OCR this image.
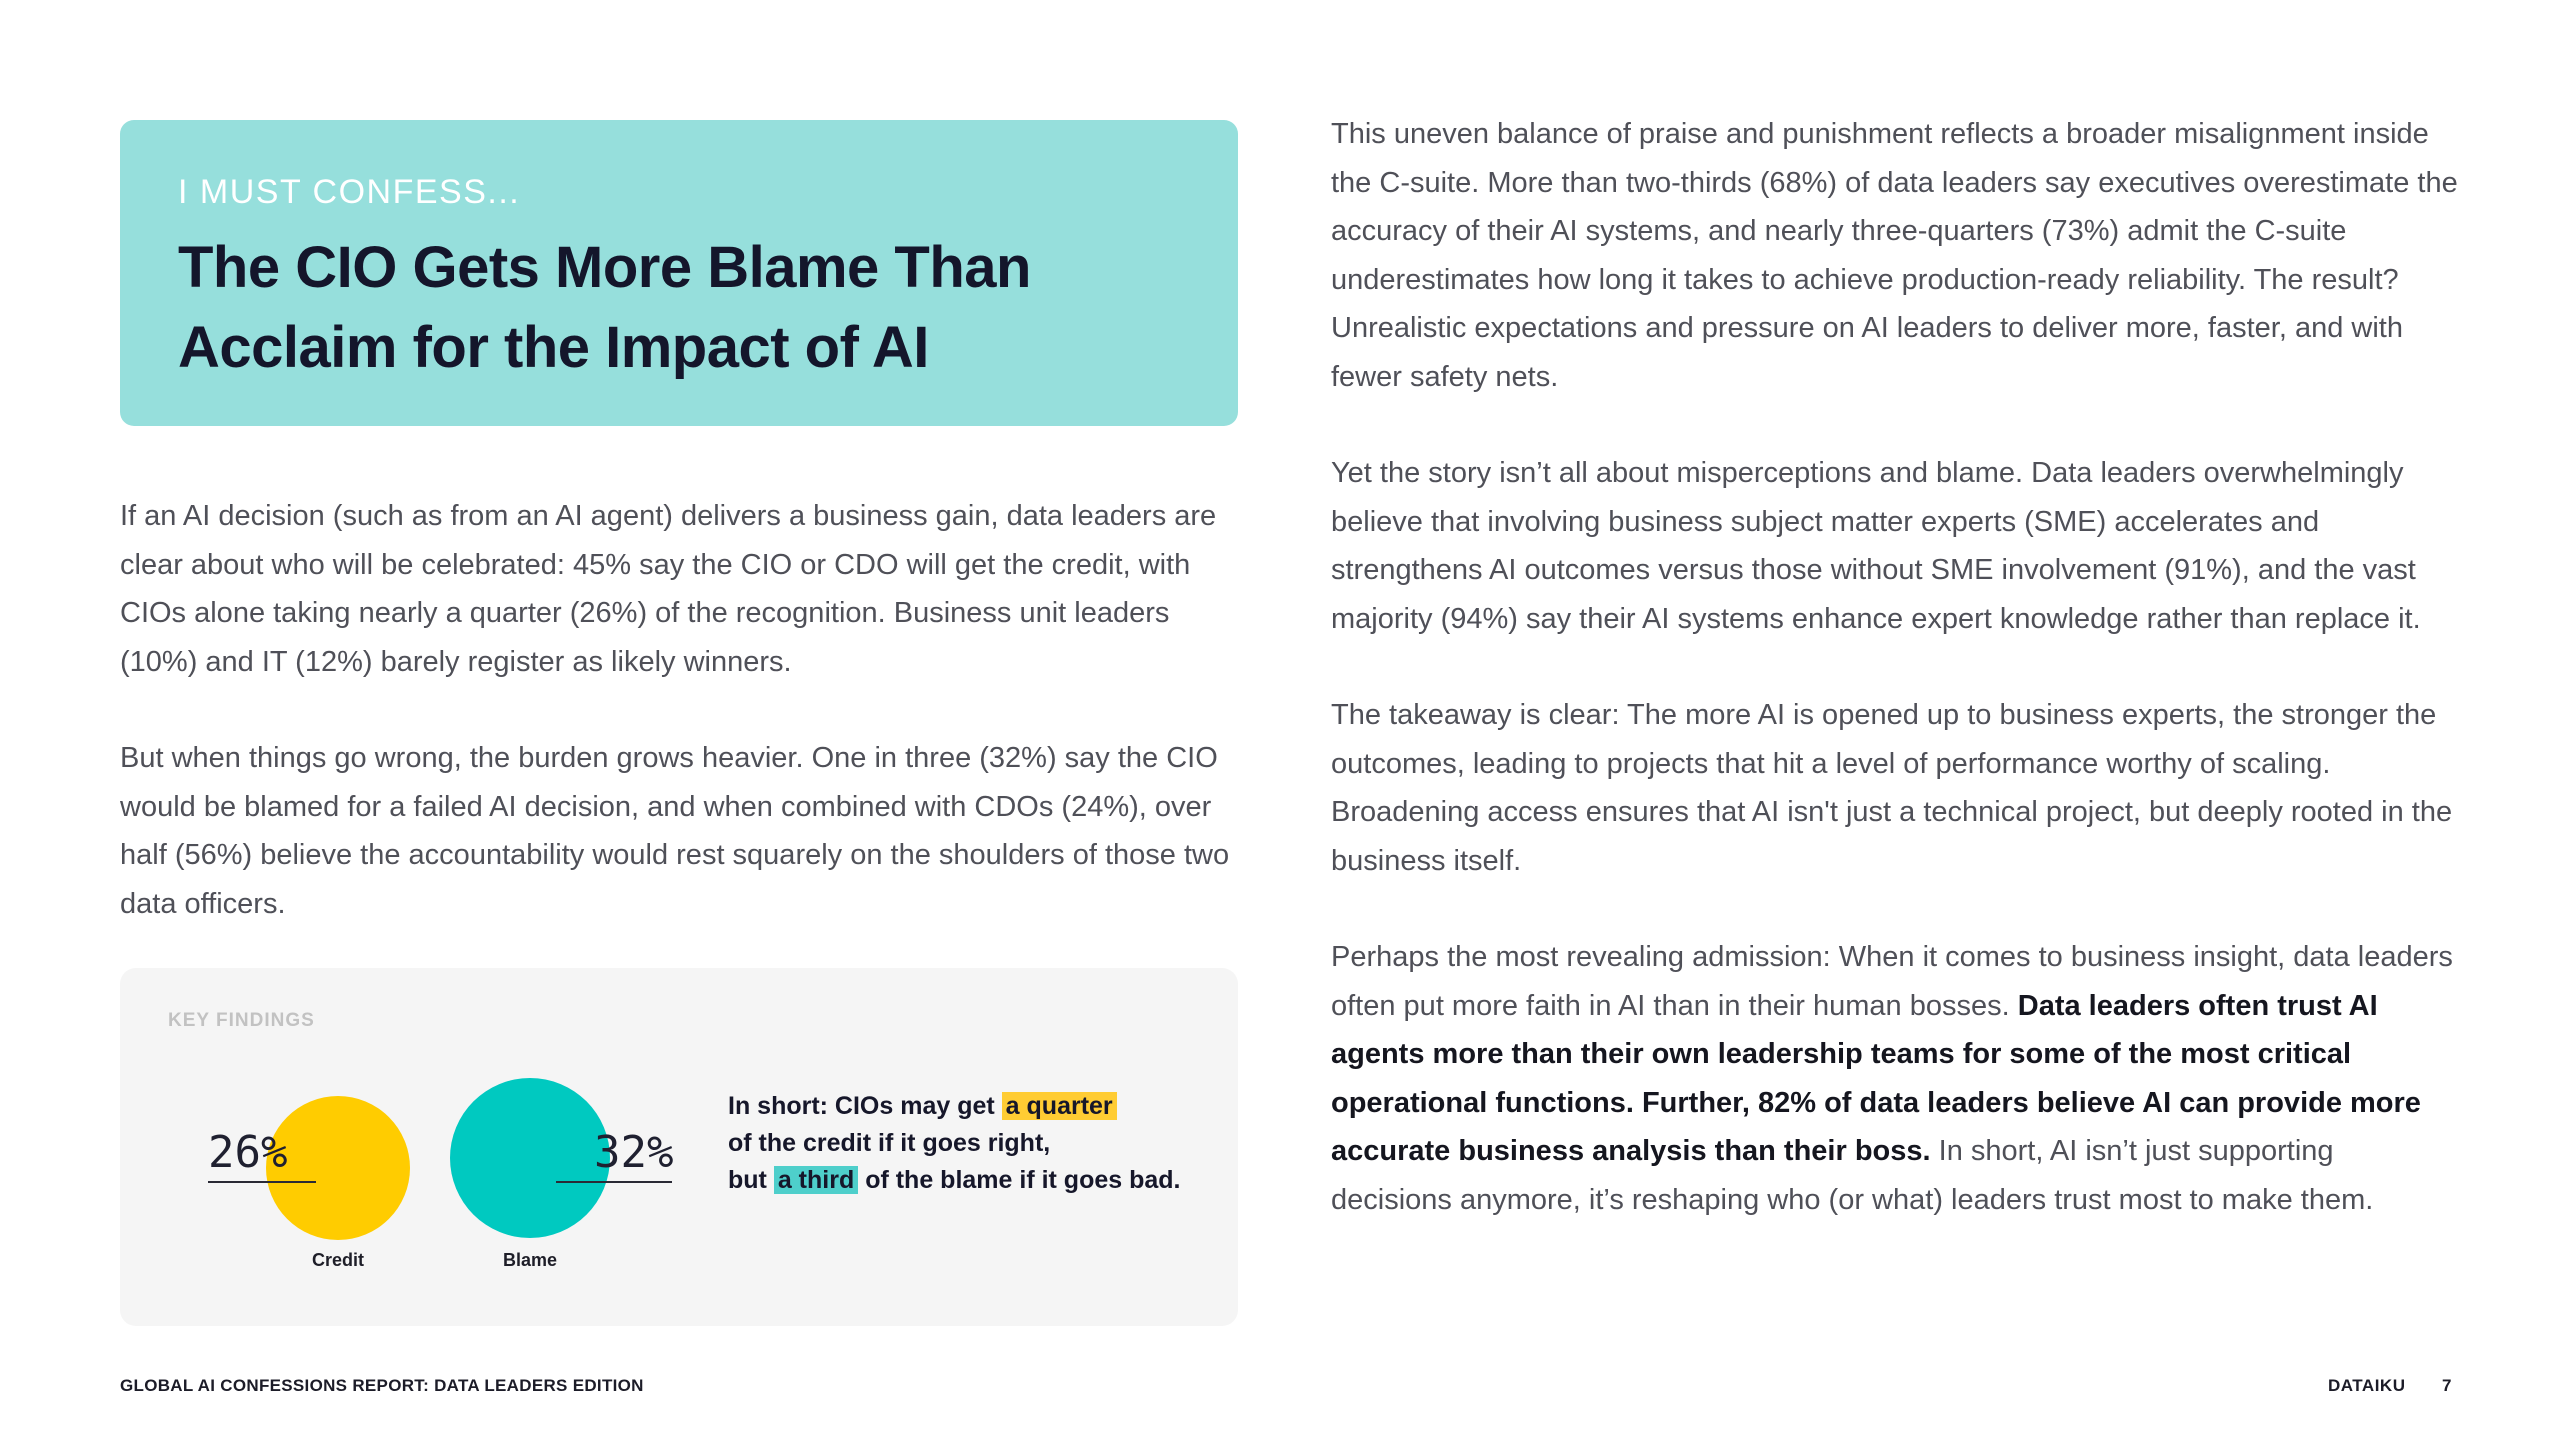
I MUST CONFESS...
The CIO Gets More Blame Than
Acclaim for the Impact of AI

If an AI decision (such as from an AI agent) delivers a business gain, data leaders are clear about who will be celebrated: 45% say the CIO or CDO will get the credit, with CIOs alone taking nearly a quarter (26%) of the recognition. Business unit leaders (10%) and IT (12%) barely register as likely winners.

But when things go wrong, the burden grows heavier. One in three (32%) say the CIO would be blamed for a failed AI decision, and when combined with CDOs (24%), over half (56%) believe the accountability would rest squarely on the shoulders of those two data officers.

KEY FINDINGS
26%	32%
Credit	Blame
In short: CIOs may get a quarter
of the credit if it goes right,
but a third of the blame if it goes bad.

This uneven balance of praise and punishment reflects a broader misalignment inside the C-suite. More than two-thirds (68%) of data leaders say executives overestimate the accuracy of their AI systems, and nearly three-quarters (73%) admit the C-suite underestimates how long it takes to achieve production-ready reliability. The result? Unrealistic expectations and pressure on AI leaders to deliver more, faster, and with fewer safety nets.

Yet the story isn’t all about misperceptions and blame. Data leaders overwhelmingly believe that involving business subject matter experts (SME) accelerates and strengthens AI outcomes versus those without SME involvement (91%), and the vast majority (94%) say their AI systems enhance expert knowledge rather than replace it.

The takeaway is clear: The more AI is opened up to business experts, the stronger the outcomes, leading to projects that hit a level of performance worthy of scaling. Broadening access ensures that AI isn't just a technical project, but deeply rooted in the business itself.

Perhaps the most revealing admission: When it comes to business insight, data leaders often put more faith in AI than in their human bosses. Data leaders often trust AI agents more than their own leadership teams for some of the most critical operational functions. Further, 82% of data leaders believe AI can provide more accurate business analysis than their boss. In short, AI isn’t just supporting decisions anymore, it’s reshaping who (or what) leaders trust most to make them.

GLOBAL AI CONFESSIONS REPORT: DATA LEADERS EDITION	DATAIKU 7
